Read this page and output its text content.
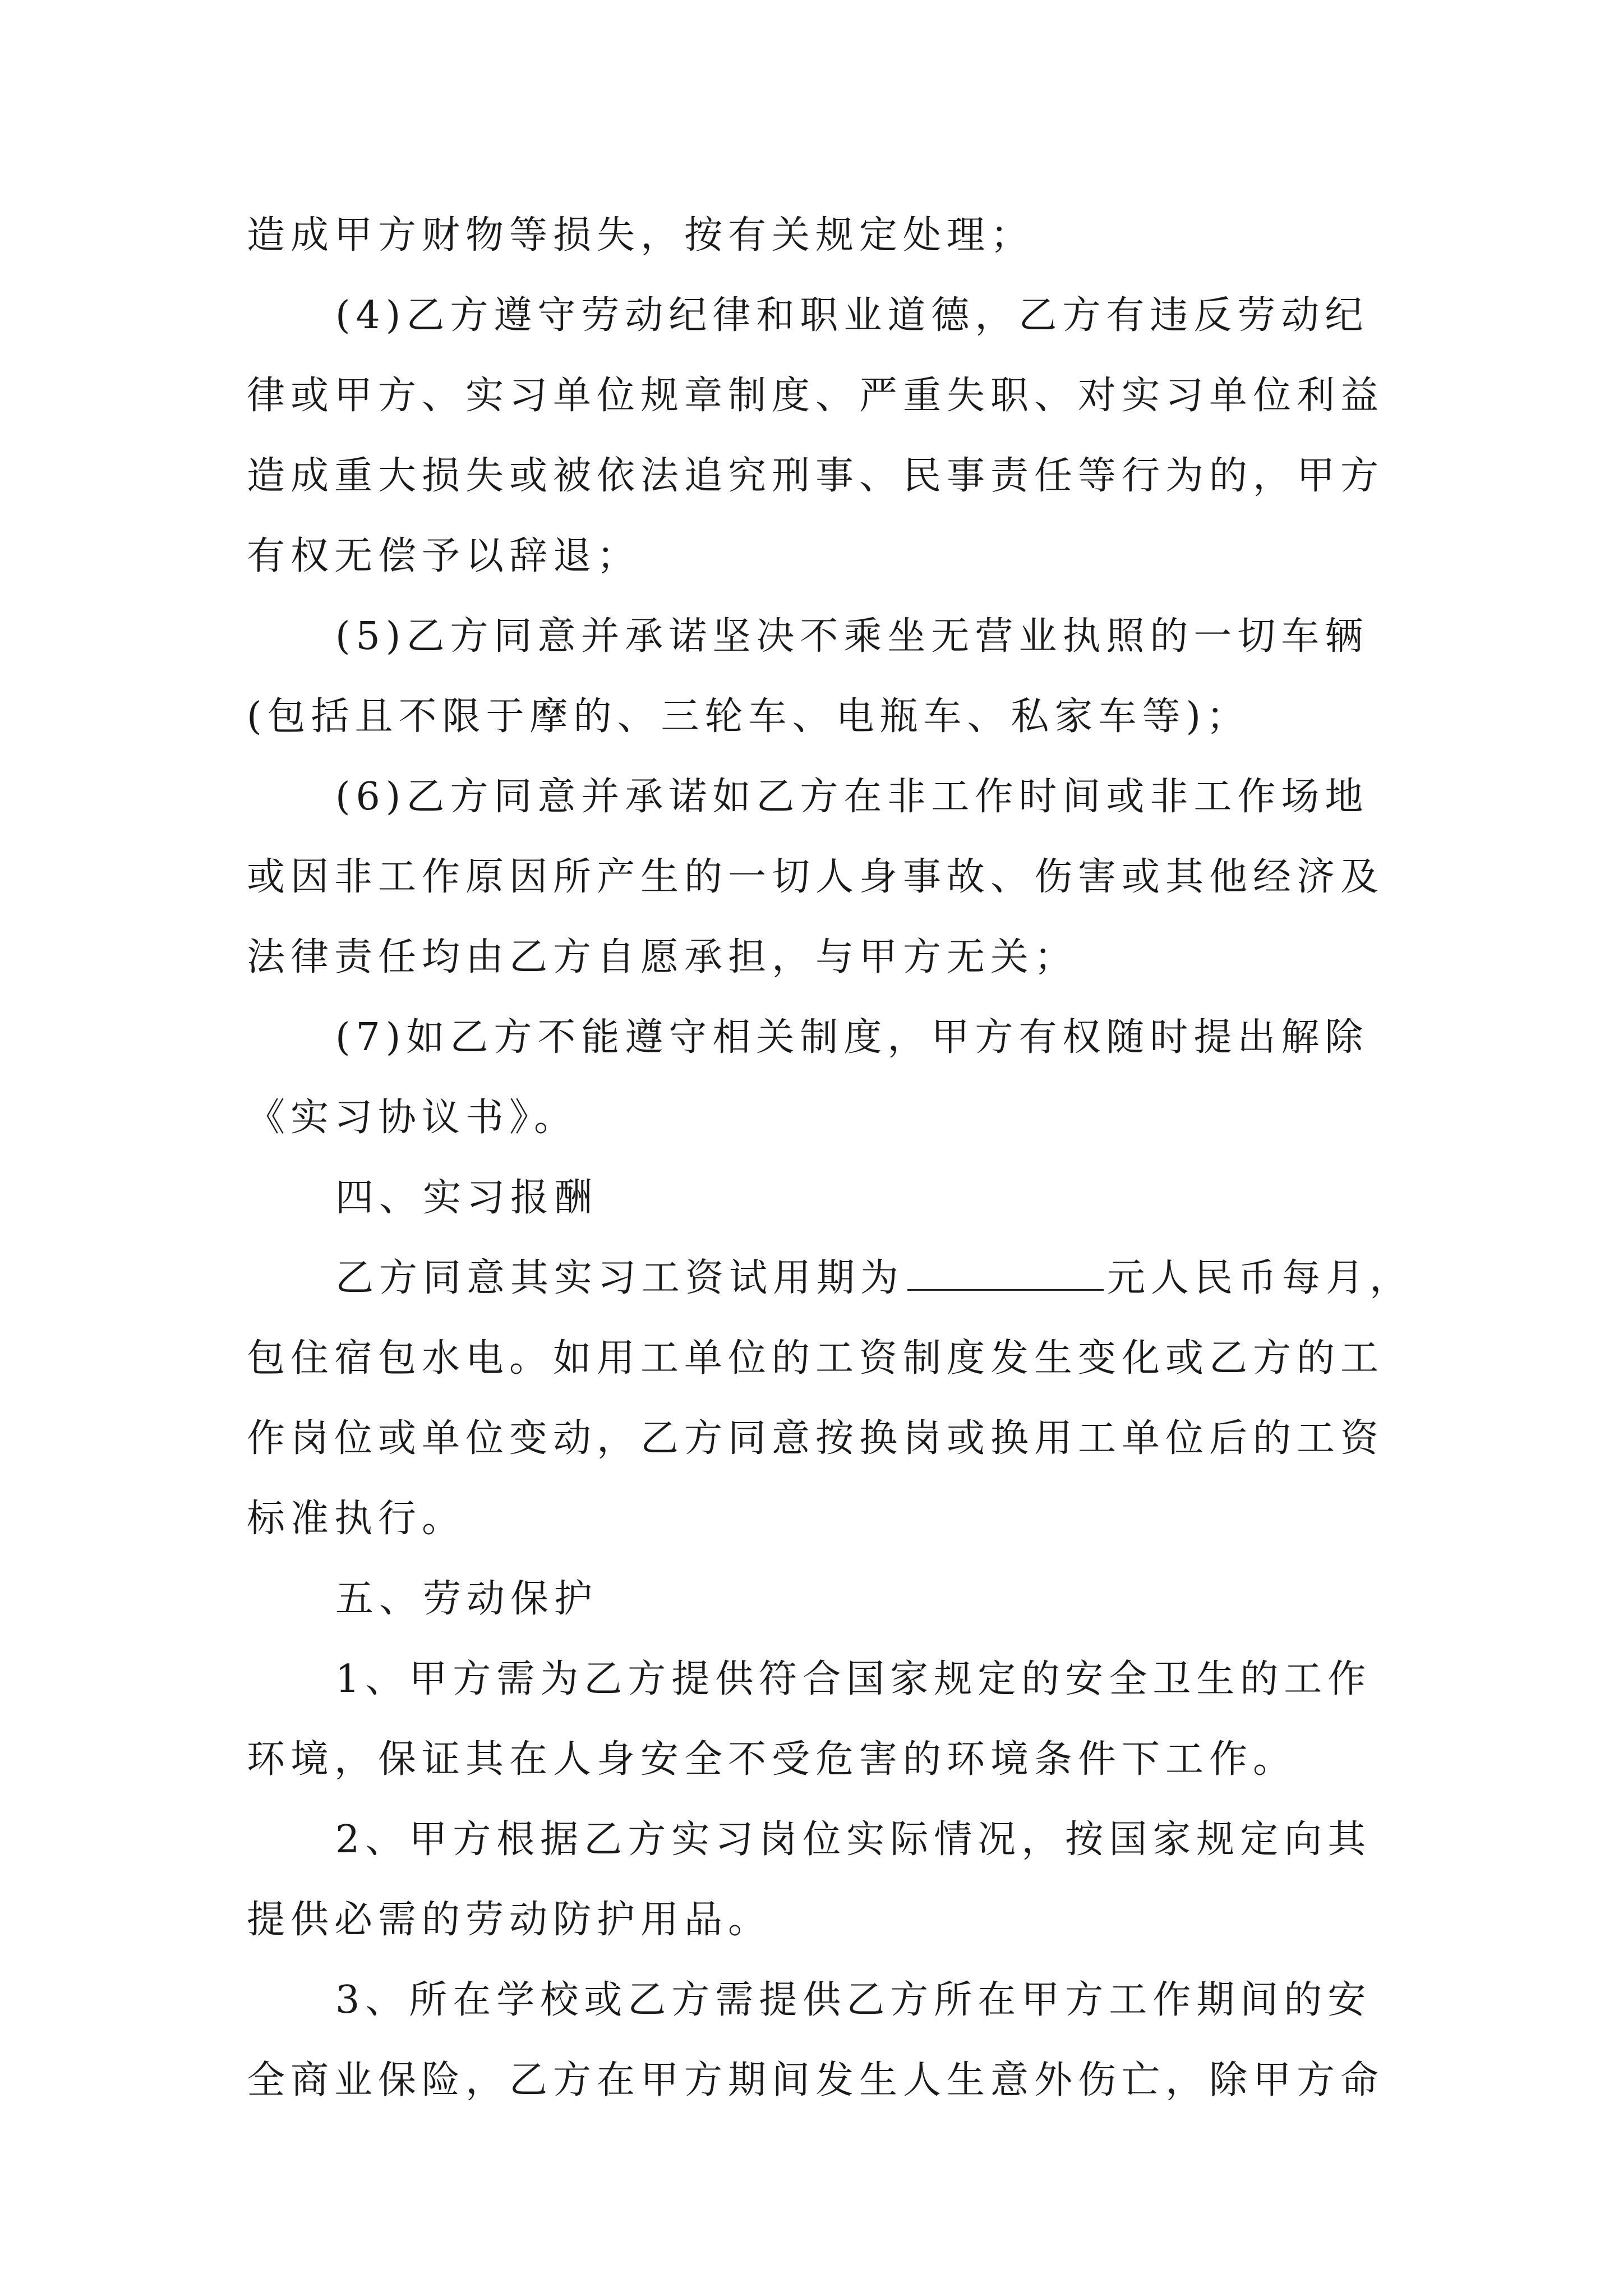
造成甲方财物等损失，按有关规定处理；
(4)乙方遵守劳动纪律和职业道德，乙方有违反劳动纪
律或甲方、实习单位规章制度、严重失职、对实习单位利益
造成重大损失或被依法追究刑事、民事责任等行为的，甲方
有权无偿予以辞退；
(5)乙方同意并承诺坚决不乘坐无营业执照的一切车辆
(包括且不限于摩的、三轮车、电瓶车、私家车等)；
(6)乙方同意并承诺如乙方在非工作时间或非工作场地
或因非工作原因所产生的一切人身事故、伤害或其他经济及
法律责任均由乙方自愿承担，与甲方无关；
(7)如乙方不能遵守相关制度，甲方有权随时提出解除
《实习协议书》。
四、实习报酬
乙方同意其实习工资试用期为	元人民币每月，
包住宿包水电。如用工单位的工资制度发生变化或乙方的工
作岗位或单位变动，乙方同意按换岗或换用工单位后的工资
标准执行。
五、劳动保护
1、甲方需为乙方提供符合国家规定的安全卫生的工作
环境，保证其在人身安全不受危害的环境条件下工作。
2、甲方根据乙方实习岗位实际情况，按国家规定向其
提供必需的劳动防护用品。
3、所在学校或乙方需提供乙方所在甲方工作期间的安
全商业保险，乙方在甲方期间发生人生意外伤亡，除甲方命
